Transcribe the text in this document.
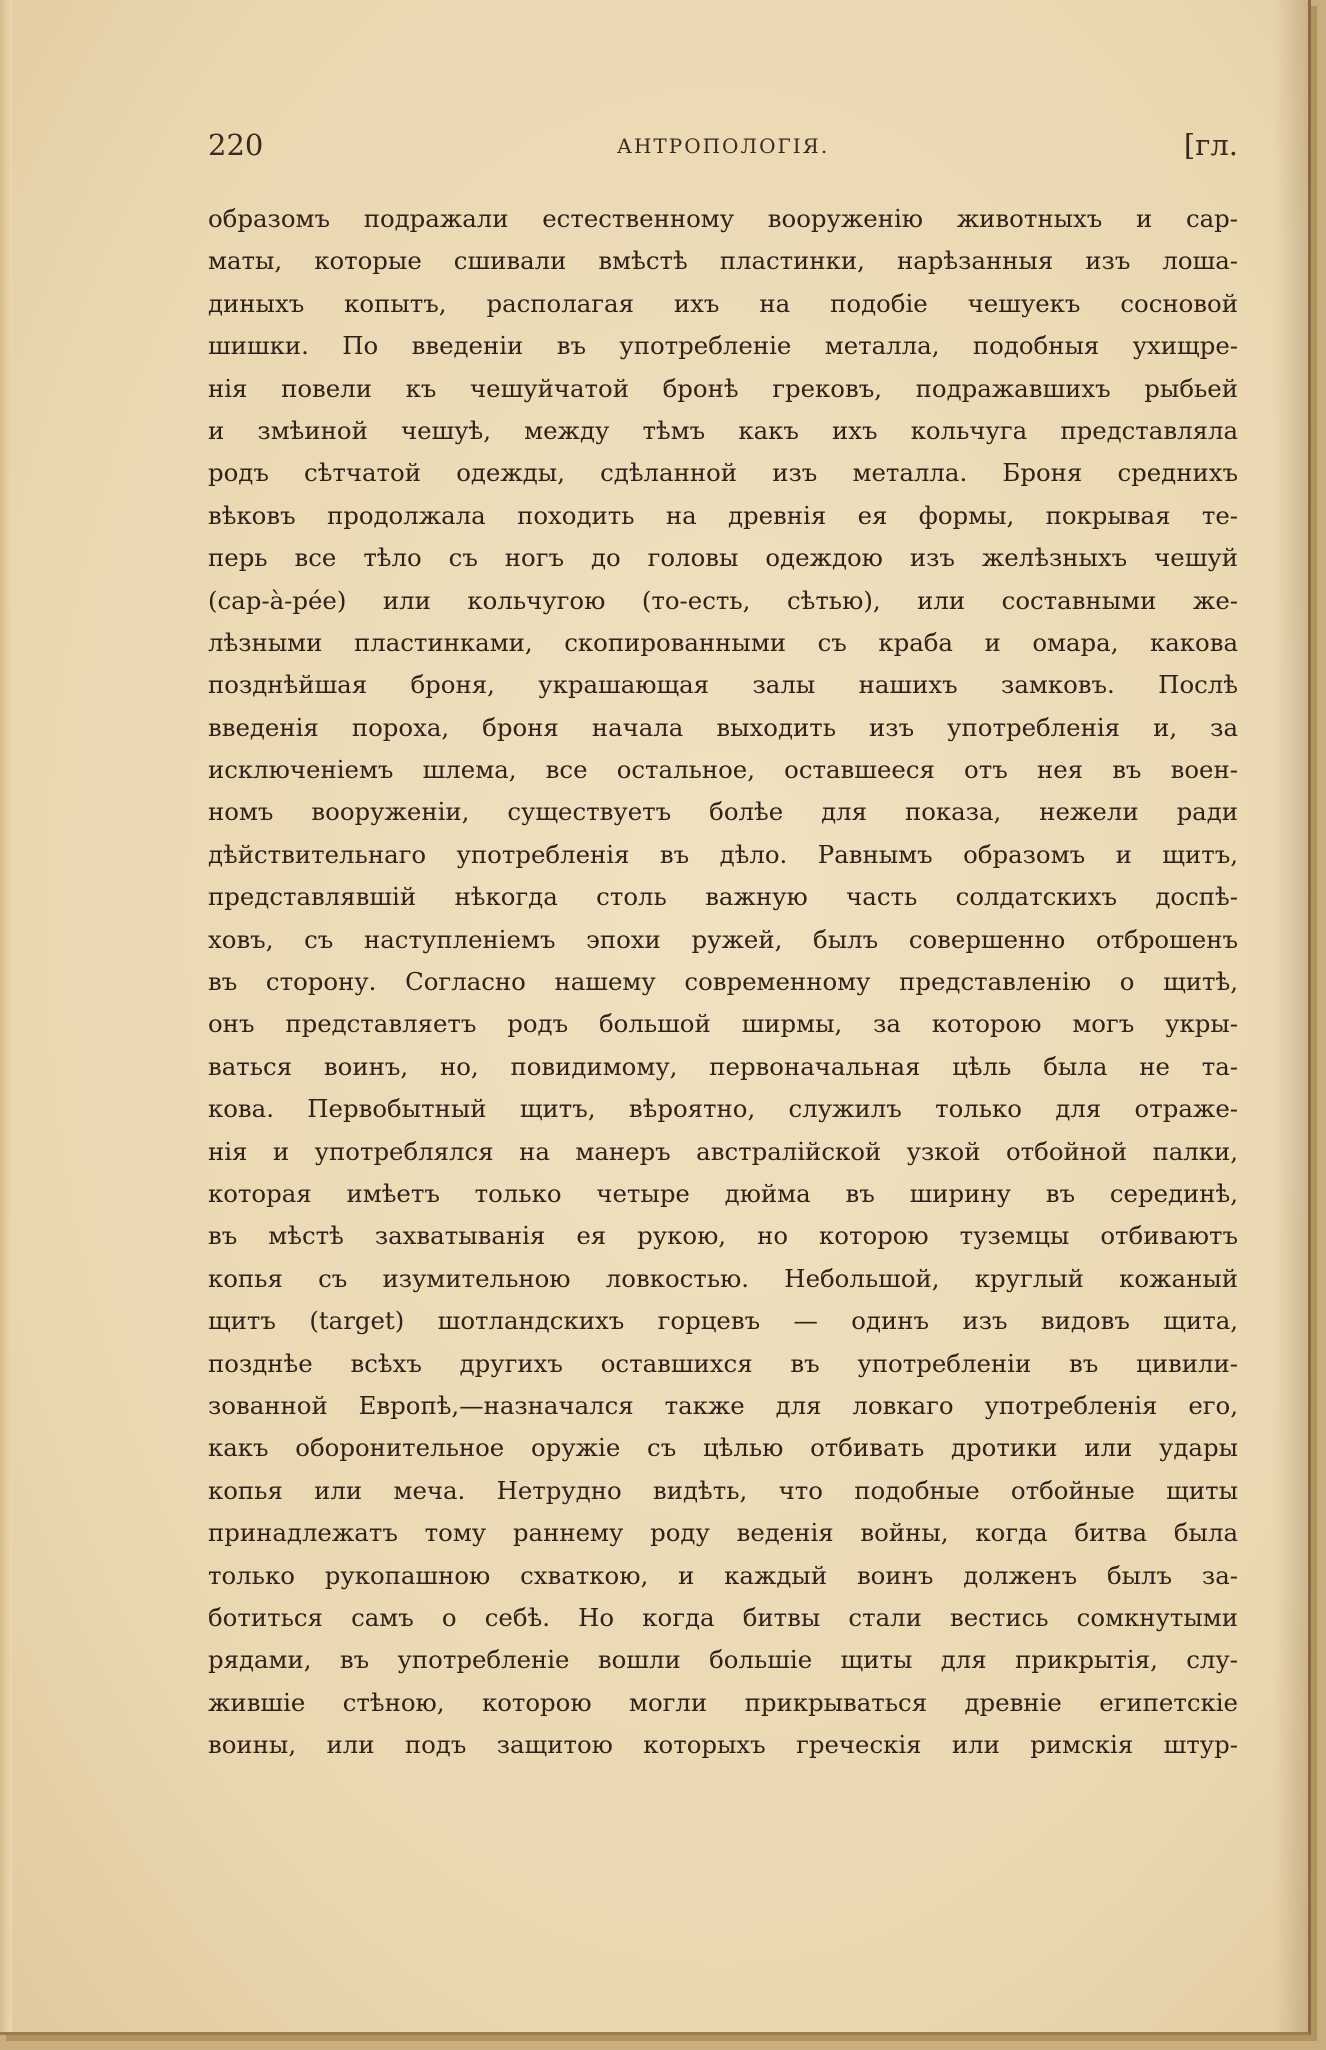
220	АНТРОПОЛОГІЯ.	[гл.
образомъ подражали естественному вооруженію животныхъ и сар-
маты, которые сшивали вмѣстѣ пластинки, нарѣзанныя изъ лоша-
диныхъ копытъ, располагая ихъ на подобіе чешуекъ сосновой
шишки. По введеніи въ употребленіе металла, подобныя ухищре-
нія повели къ чешуйчатой бронѣ грековъ, подражавшихъ рыбьей
и змѣиной чешуѣ, между тѣмъ какъ ихъ кольчуга представляла
родъ сѣтчатой одежды, сдѣланной изъ металла. Броня среднихъ
вѣковъ продолжала походить на древнія ея формы, покрывая те-
перь все тѣло съ ногъ до головы одеждою изъ желѣзныхъ чешуй
(cap-à-pée) или кольчугою (то-есть, сѣтью), или составными же-
лѣзными пластинками, скопированными съ краба и омара, какова
позднѣйшая броня, украшающая залы нашихъ замковъ. Послѣ
введенія пороха, броня начала выходить изъ употребленія и, за
исключеніемъ шлема, все остальное, оставшееся отъ нея въ воен-
номъ вооруженіи, существуетъ болѣе для показа, нежели ради
дѣйствительнаго употребленія въ дѣло. Равнымъ образомъ и щитъ,
представлявшій нѣкогда столь важную часть солдатскихъ доспѣ-
ховъ, съ наступленіемъ эпохи ружей, былъ совершенно отброшенъ
въ сторону. Согласно нашему современному представленію о щитѣ,
онъ представляетъ родъ большой ширмы, за которою могъ укры-
ваться воинъ, но, повидимому, первоначальная цѣль была не та-
кова. Первобытный щитъ, вѣроятно, служилъ только для отраже-
нія и употреблялся на манеръ австралійской узкой отбойной палки,
которая имѣетъ только четыре дюйма въ ширину въ серединѣ,
въ мѣстѣ захватыванія ея рукою, но которою туземцы отбиваютъ
копья съ изумительною ловкостью. Небольшой, круглый кожаный
щитъ (target) шотландскихъ горцевъ — одинъ изъ видовъ щита,
позднѣе всѣхъ другихъ оставшихся въ употребленіи въ цивили-
зованной Европѣ,—назначался также для ловкаго употребленія его,
какъ оборонительное оружіе съ цѣлью отбивать дротики или удары
копья или меча. Нетрудно видѣть, что подобные отбойные щиты
принадлежатъ тому раннему роду веденія войны, когда битва была
только рукопашною схваткою, и каждый воинъ долженъ былъ за-
ботиться самъ о себѣ. Но когда битвы стали вестись сомкнутыми
рядами, въ употребленіе вошли большіе щиты для прикрытія, слу-
жившіе стѣною, которою могли прикрываться древніе египетскіе
воины, или подъ защитою которыхъ греческія или римскія штур-
